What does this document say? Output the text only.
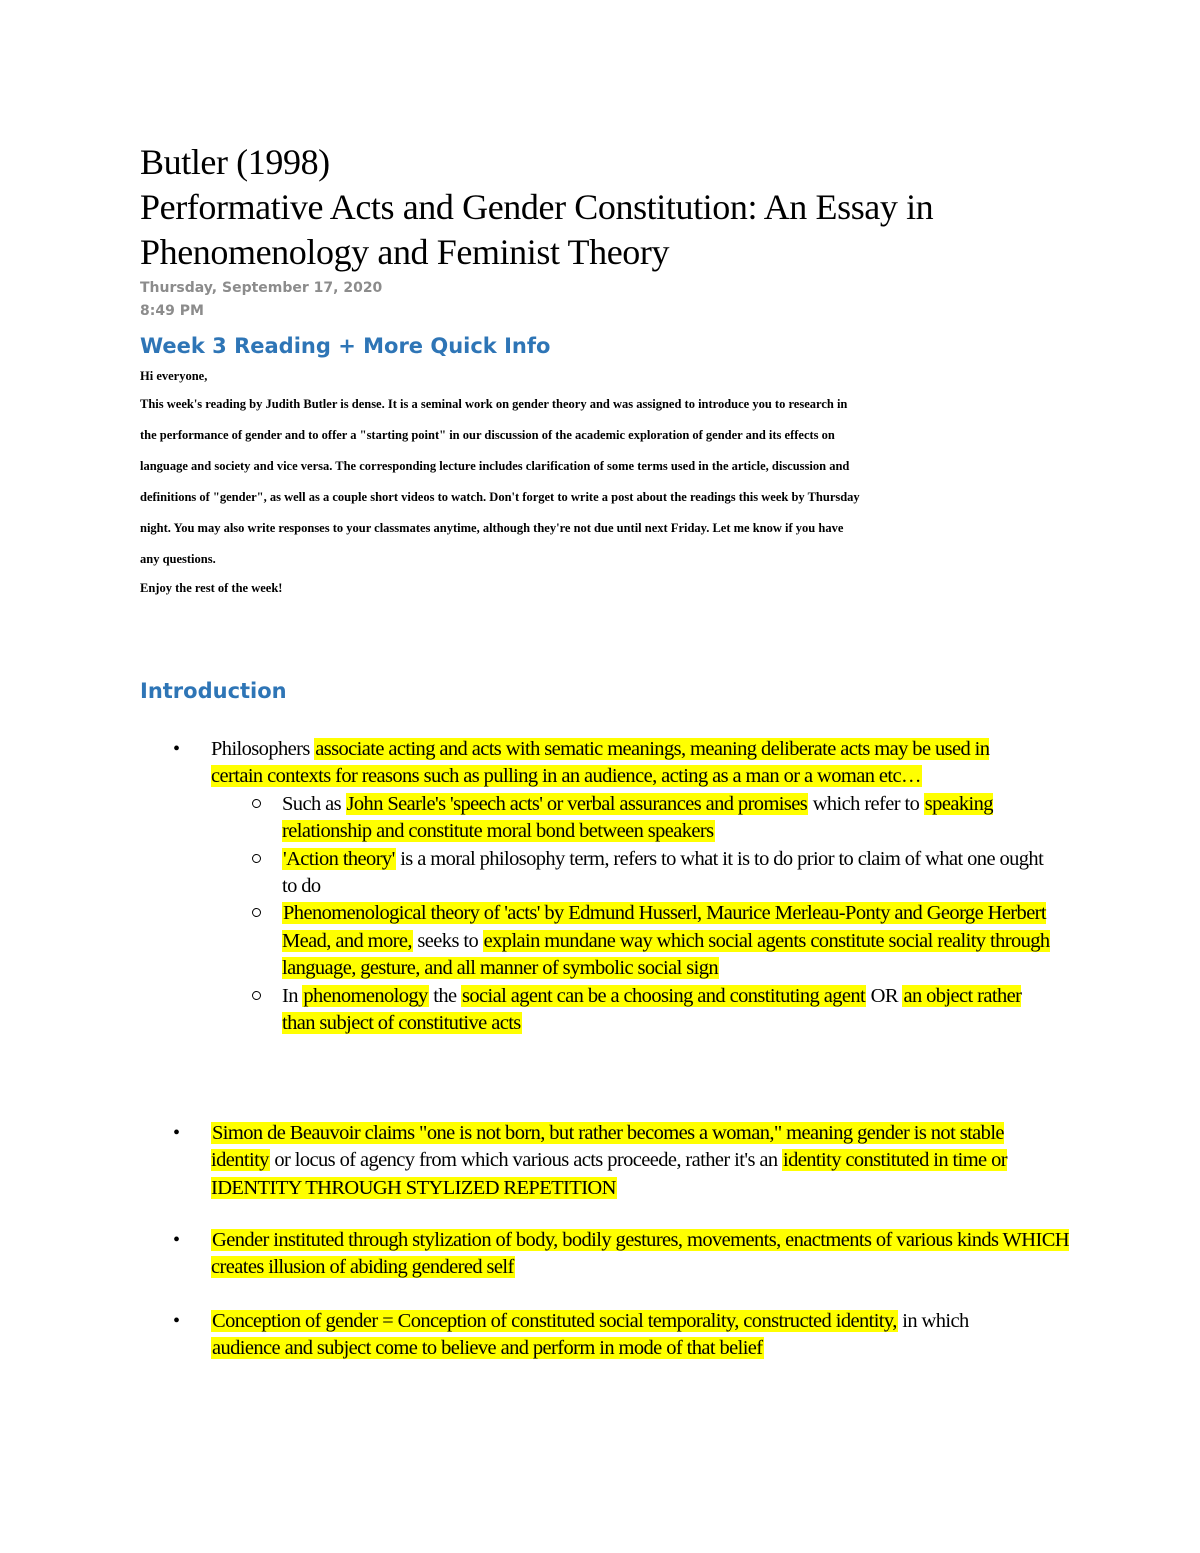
Butler (1998)
Performative Acts and Gender Constitution: An Essay in
Phenomenology and Feminist Theory
Thursday, September 17, 2020
8:49 PM
Week 3 Reading + More Quick Info

Hi everyone,

This week's reading by Judith Butler is dense. It is a seminal work on gender theory and was assigned to introduce you to research in
the performance of gender and to offer a "starting point" in our discussion of the academic exploration of gender and its effects on
language and society and vice versa. The corresponding lecture includes clarification of some terms used in the article, discussion and
definitions of "gender", as well as a couple short videos to watch. Don't forget to write a post about the readings this week by Thursday
night. You may also write responses to your classmates anytime, although they're not due until next Friday. Let me know if you have
any questions.

Enjoy the rest of the week!

Introduction
• Philosophers associate acting and acts with sematic meanings, meaning deliberate acts may be used in certain contexts for reasons such as pulling in an audience, acting as a man or a woman etc…
Such as John Searle's 'speech acts' or verbal assurances and promises which refer to speaking relationship and constitute moral bond between speakers
'Action theory' is a moral philosophy term, refers to what it is to do prior to claim of what one ought to do
Phenomenological theory of 'acts' by Edmund Husserl, Maurice Merleau-Ponty and George Herbert Mead, and more, seeks to explain mundane way which social agents constitute social reality through language, gesture, and all manner of symbolic social sign
In phenomenology the social agent can be a choosing and constituting agent OR an object rather than subject of constitutive acts
• Simon de Beauvoir claims "one is not born, but rather becomes a woman," meaning gender is not stable identity or locus of agency from which various acts proceede, rather it's an identity constituted in time or IDENTITY THROUGH STYLIZED REPETITION
• Gender instituted through stylization of body, bodily gestures, movements, enactments of various kinds WHICH creates illusion of abiding gendered self
• Conception of gender = Conception of constituted social temporality, constructed identity, in which audience and subject come to believe and perform in mode of that belief
